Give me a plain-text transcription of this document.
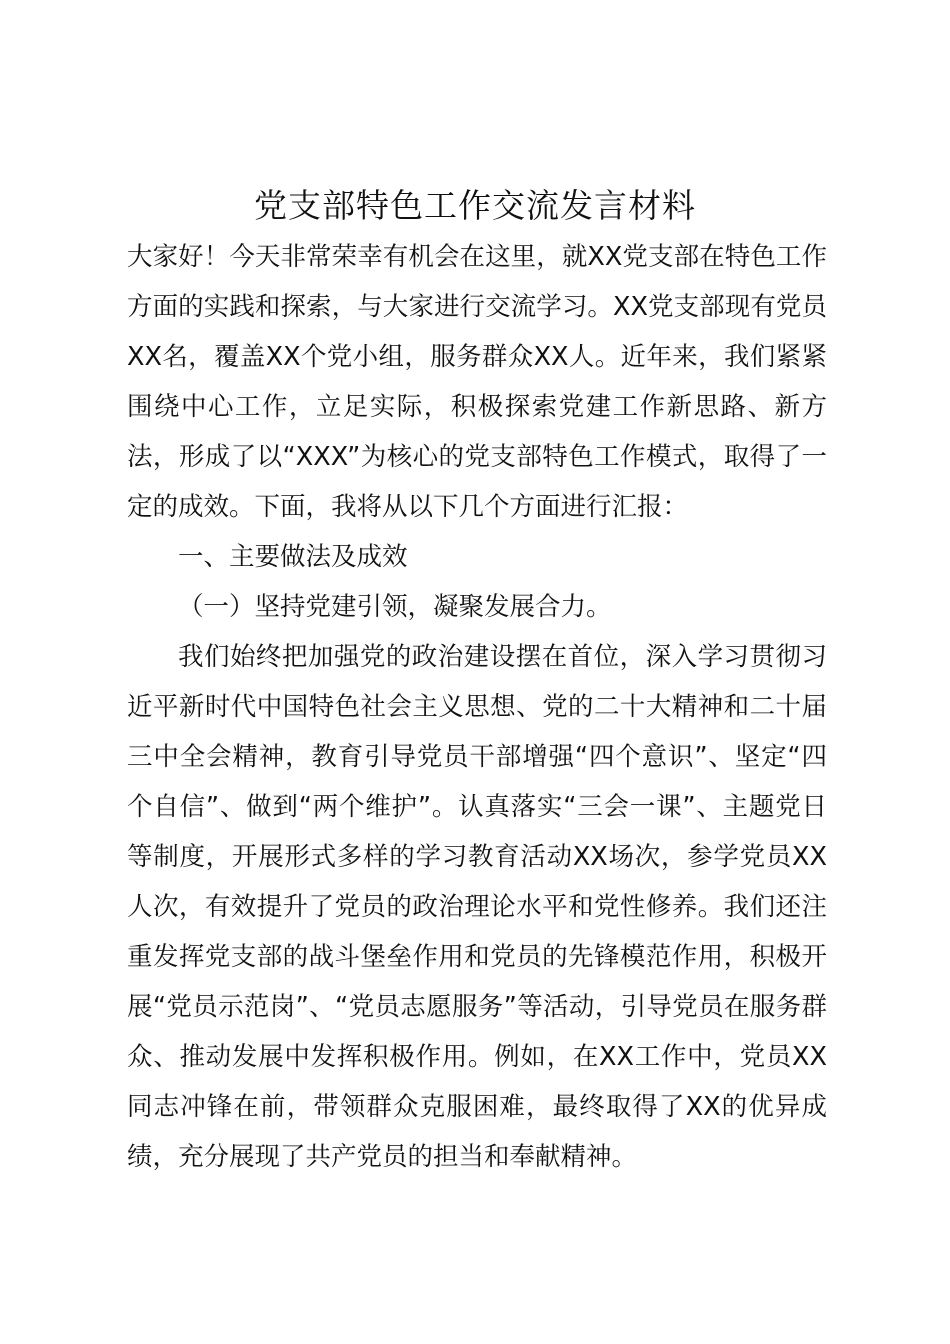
党支部特色工作交流发言材料

大家好！今天非常荣幸有机会在这里，就XX党支部在特色工作方面的实践和探索，与大家进行交流学习。XX党支部现有党员XX名，覆盖XX个党小组，服务群众XX人。近年来，我们紧紧围绕中心工作，立足实际，积极探索党建工作新思路、新方法，形成了以“XXX”为核心的党支部特色工作模式，取得了一定的成效。下面，我将从以下几个方面进行汇报：

一、主要做法及成效

（一）坚持党建引领，凝聚发展合力。

我们始终把加强党的政治建设摆在首位，深入学习贯彻习近平新时代中国特色社会主义思想、党的二十大精神和二十届三中全会精神，教育引导党员干部增强“四个意识”、坚定“四个自信”、做到“两个维护”。认真落实“三会一课”、主题党日等制度，开展形式多样的学习教育活动XX场次，参学党员XX人次，有效提升了党员的政治理论水平和党性修养。我们还注重发挥党支部的战斗堡垒作用和党员的先锋模范作用，积极开展“党员示范岗”、“党员志愿服务”等活动，引导党员在服务群众、推动发展中发挥积极作用。例如，在XX工作中，党员XX同志冲锋在前，带领群众克服困难，最终取得了XX的优异成绩，充分展现了共产党员的担当和奉献精神。
